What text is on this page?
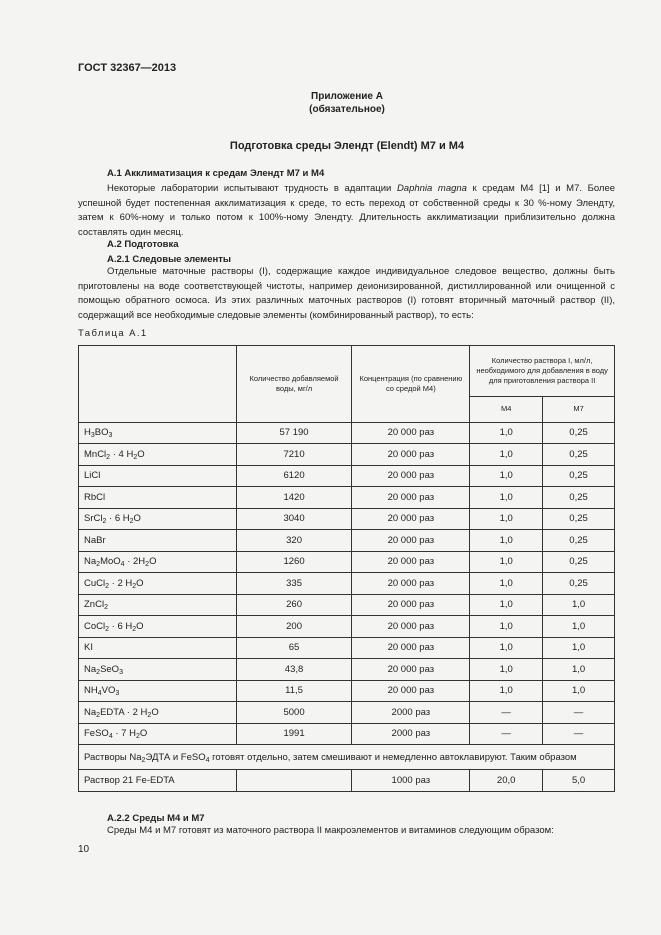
ГОСТ 32367—2013
Приложение А
(обязательное)
Подготовка среды Элендт (Elendt) М7 и М4
А.1 Акклиматизация к средам Элендт М7 и М4
Некоторые лаборатории испытывают трудность в адаптации Daphnia magna к средам М4 [1] и М7. Более успешной будет постепенная акклиматизация к среде, то есть переход от собственной среды к 30 %-ному Элендту, затем к 60%-ному и только потом к 100%-ному Элендту. Длительность акклиматизации приблизительно должна составлять один месяц.
А.2 Подготовка
А.2.1 Следовые элементы
Отдельные маточные растворы (I), содержащие каждое индивидуальное следовое вещество, должны быть приготовлены на воде соответствующей чистоты, например деионизированной, дистиллированной или очищенной с помощью обратного осмоса. Из этих различных маточных растворов (I) готовят вторичный маточный раствор (II), содержащий все необходимые следовые элементы (комбинированный раствор), то есть:
Таблица А.1
	Количество добавляемой воды, мг/л	Концентрация (по сравнению со средой М4)	Количество раствора I, мл/л, необходимого для добавления в воду для приготовления раствора II	
			М4	М7
$H_3BO_3$	57 190	20 000 раз	1,0	0,25
MnCl$_2$ · 4 $H_2O$	7210	20 000 раз	1,0	0,25
LiCl	6120	20 000 раз	1,0	0,25
RbCl	1420	20 000 раз	1,0	0,25
SrCl$_2$ · 6 $H_2O$	3040	20 000 раз	1,0	0,25
NaBr	320	20 000 раз	1,0	0,25
$Na_2MoO_4 \cdot 2H_2O$	1260	20 000 раз	1,0	0,25
CuCl$_2$ · 2 $H_2O$	335	20 000 раз	1,0	0,25
ZnCl$_2$	260	20 000 раз	1,0	1,0
CoCl$_2$ · 6 $H_2O$	200	20 000 раз	1,0	1,0
KI	65	20 000 раз	1,0	1,0
$Na_2SeO_3$	43,8	20 000 раз	1,0	1,0
$NH_4VO_3$	11,5	20 000 раз	1,0	1,0
$Na_2EDTA \cdot 2$ $H_2O$	5000	2000 раз	—	—
FeSO$_4$ · 7 $H_2O$	1991	2000 раз	—	—
Растворы $Na_2ЭДТА$ и FeSO$_4$ готовят отдельно, затем смешивают и немедленно автоклавируют. Таким образом				
Раствор 21 Fe-EDTA		1000 раз	20,0	5,0
А.2.2 Среды М4 и М7
Среды М4 и М7 готовят из маточного раствора II макроэлементов и витаминов следующим образом:
10
